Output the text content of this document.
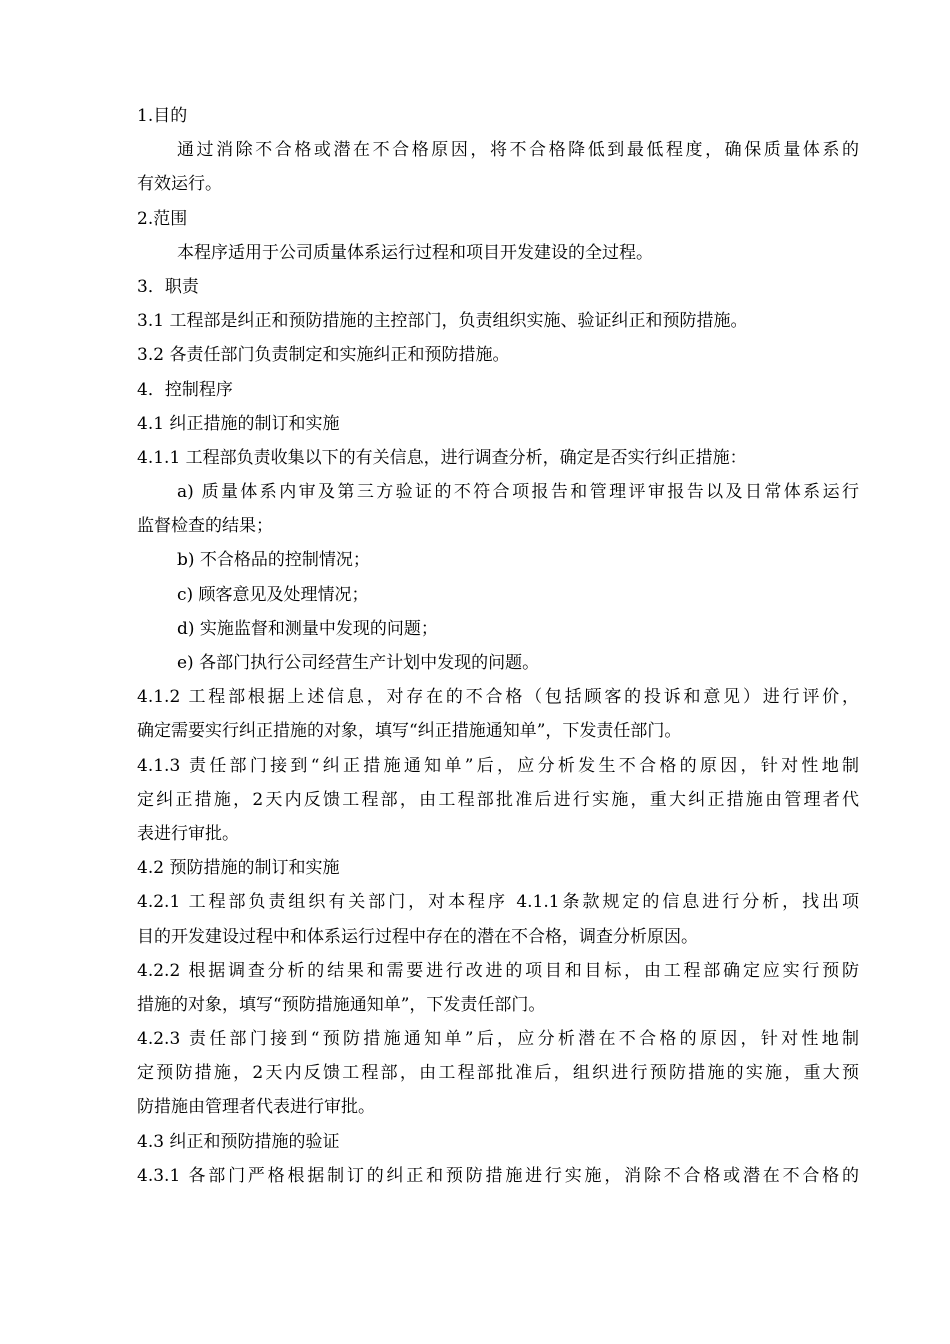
1.目的

通过消除不合格或潜在不合格原因，将不合格降低到最低程度，确保质量体系的

有效运行。

2.范围

本程序适用于公司质量体系运行过程和项目开发建设的全过程。

3．职责

3.1 工程部是纠正和预防措施的主控部门，负责组织实施、验证纠正和预防措施。

3.2 各责任部门负责制定和实施纠正和预防措施。

4．控制程序

4.1 纠正措施的制订和实施

4.1.1 工程部负责收集以下的有关信息，进行调查分析，确定是否实行纠正措施：

a) 质量体系内审及第三方验证的不符合项报告和管理评审报告以及日常体系运行

监督检查的结果；

b) 不合格品的控制情况；

c) 顾客意见及处理情况；

d) 实施监督和测量中发现的问题；

e) 各部门执行公司经营生产计划中发现的问题。

4.1.2 工程部根据上述信息，对存在的不合格（包括顾客的投诉和意见）进行评价，

确定需要实行纠正措施的对象，填写“纠正措施通知单”，下发责任部门。

4.1.3 责任部门接到“纠正措施通知单”后，应分析发生不合格的原因，针对性地制

定纠正措施，2天内反馈工程部，由工程部批准后进行实施，重大纠正措施由管理者代

表进行审批。

4.2 预防措施的制订和实施

4.2.1 工程部负责组织有关部门，对本程序 4.1.1条款规定的信息进行分析，找出项

目的开发建设过程中和体系运行过程中存在的潜在不合格，调查分析原因。

4.2.2 根据调查分析的结果和需要进行改进的项目和目标，由工程部确定应实行预防

措施的对象，填写“预防措施通知单”，下发责任部门。

4.2.3 责任部门接到“预防措施通知单”后，应分析潜在不合格的原因，针对性地制

定预防措施，2天内反馈工程部，由工程部批准后，组织进行预防措施的实施，重大预

防措施由管理者代表进行审批。

4.3 纠正和预防措施的验证

4.3.1 各部门严格根据制订的纠正和预防措施进行实施，消除不合格或潜在不合格的
